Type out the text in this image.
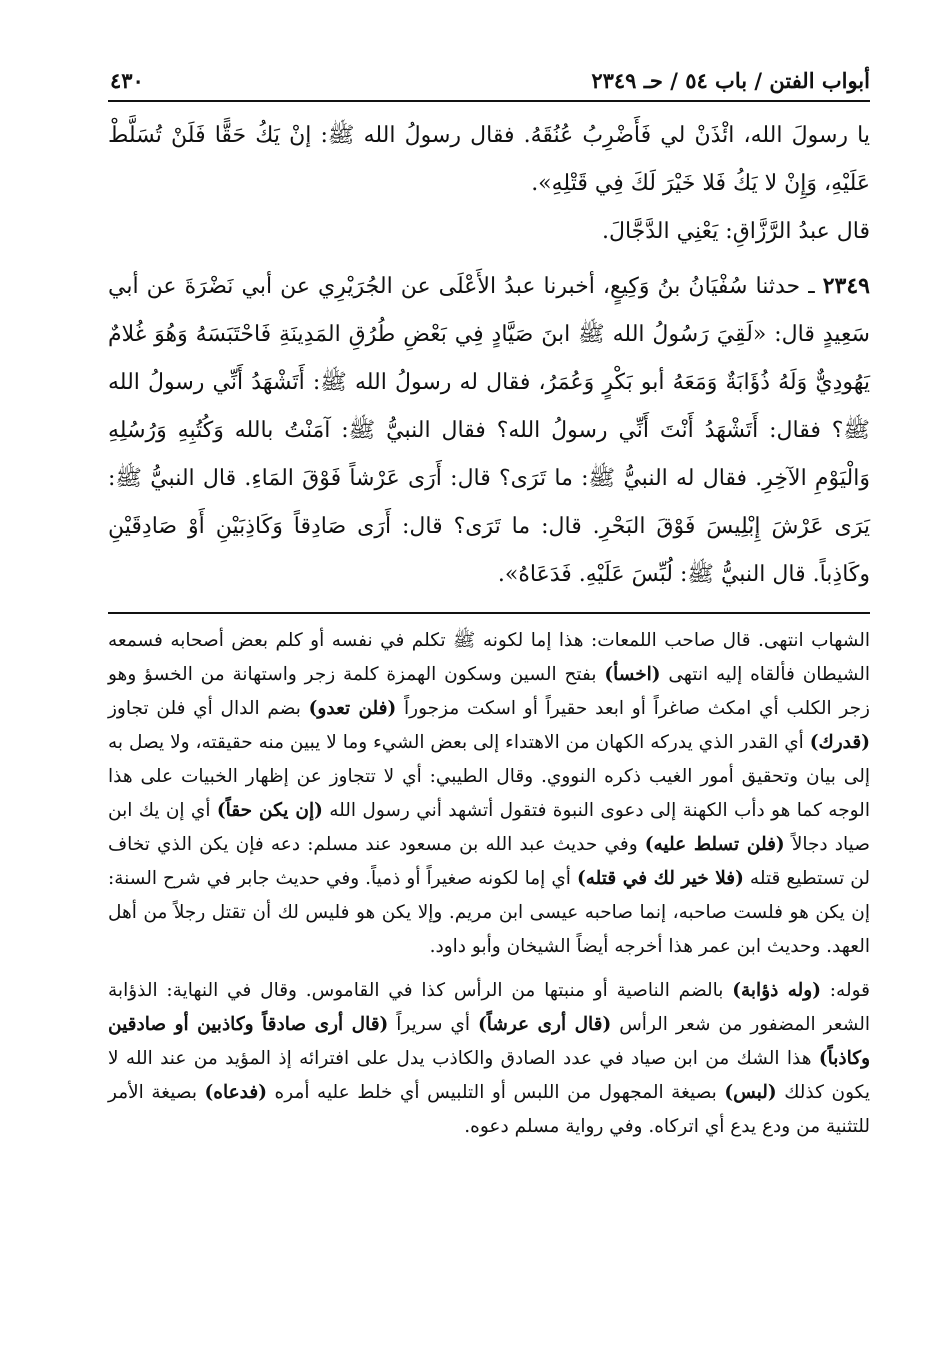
أبواب الفتن / باب ٥٤ / حـ ٢٣٤٩
٤٣٠

يا رسولَ الله، ائْذَنْ لي فَأَضْرِبُ عُنُقَهُ. فقال رسولُ الله ﷺ: إنْ يَكُ حَقًّا فَلَنْ تُسَلَّطْ عَلَيْهِ، وَإِنْ لا يَكُ فَلا خَيْرَ لَكَ فِي قَتْلِهِ».

قال عبدُ الرَّزَّاقِ: يَعْنِي الدَّجَّالَ.

٢٣٤٩ ـ حدثنا سُفْيَانُ بنُ وَكِيعٍ، أخبرنا عبدُ الأَعْلَى عن الجُرَيْرِي عن أبي نَضْرَةَ عن أبي سَعِيدٍ قال: «لَقِيَ رَسُولُ الله ﷺ ابنَ صَيَّادٍ فِي بَعْضِ طُرُقِ المَدِينَةِ فَاحْتَبَسَهُ وَهُوَ غُلامٌ يَهُودِيٌّ وَلَهُ ذُؤَابَةٌ وَمَعَهُ أبو بَكْرٍ وَعُمَرُ، فقال له رسولُ الله ﷺ: أَتَشْهَدُ أَنِّي رسولُ الله ﷺ؟ فقال: أَتَشْهَدُ أَنْتَ أَنِّي رسولُ الله؟ فقال النبيُّ ﷺ: آمَنْتُ بالله وَكُتُبِهِ وَرُسُلِهِ وَالْيَوْمِ الآخِرِ. فقال له النبيُّ ﷺ: ما تَرَى؟ قال: أَرَى عَرْشاً فَوْقَ المَاءِ. قال النبيُّ ﷺ: يَرَى عَرْشَ إِبْلِيسَ فَوْقَ البَحْرِ. قال: ما تَرَى؟ قال: أَرَى صَادِقاً وَكَاذِبَيْنِ أَوْ صَادِقَيْنِ وكَاذِباً. قال النبيُّ ﷺ: لُبِّسَ عَلَيْهِ. فَدَعَاهُ».

الشهاب انتهى. قال صاحب اللمعات: هذا إما لكونه ﷺ تكلم في نفسه أو كلم بعض أصحابه فسمعه الشيطان فألقاه إليه انتهى (اخسأ) بفتح السين وسكون الهمزة كلمة زجر واستهانة من الخسؤ وهو زجر الكلب أي امكث صاغراً أو ابعد حقيراً أو اسكت مزجوراً (فلن تعدو) بضم الدال أي فلن تجاوز (قدرك) أي القدر الذي يدركه الكهان من الاهتداء إلى بعض الشيء وما لا يبين منه حقيقته، ولا يصل به إلى بيان وتحقيق أمور الغيب ذكره النووي. وقال الطيبي: أي لا تتجاوز عن إظهار الخبيات على هذا الوجه كما هو دأب الكهنة إلى دعوى النبوة فتقول أتشهد أني رسول الله (إن يكن حقاً) أي إن يك ابن صياد دجالاً (فلن تسلط عليه) وفي حديث عبد الله بن مسعود عند مسلم: دعه فإن يكن الذي تخاف لن تستطيع قتله (فلا خير لك في قتله) أي إما لكونه صغيراً أو ذمياً. وفي حديث جابر في شرح السنة: إن يكن هو فلست صاحبه، إنما صاحبه عيسى ابن مريم. وإلا يكن هو فليس لك أن تقتل رجلاً من أهل العهد. وحديث ابن عمر هذا أخرجه أيضاً الشيخان وأبو داود.

قوله: (وله ذؤابة) بالضم الناصية أو منبتها من الرأس كذا في القاموس. وقال في النهاية: الذؤابة الشعر المضفور من شعر الرأس (قال أرى عرشاً) أي سريراً (قال أرى صادقاً وكاذبين أو صادقين وكاذباً) هذا الشك من ابن صياد في عدد الصادق والكاذب يدل على افترائه إذ المؤيد من عند الله لا يكون كذلك (لبس) بصيغة المجهول من اللبس أو التلبيس أي خلط عليه أمره (فدعاه) بصيغة الأمر للتثنية من ودع يدع أي اتركاه. وفي رواية مسلم دعوه.
